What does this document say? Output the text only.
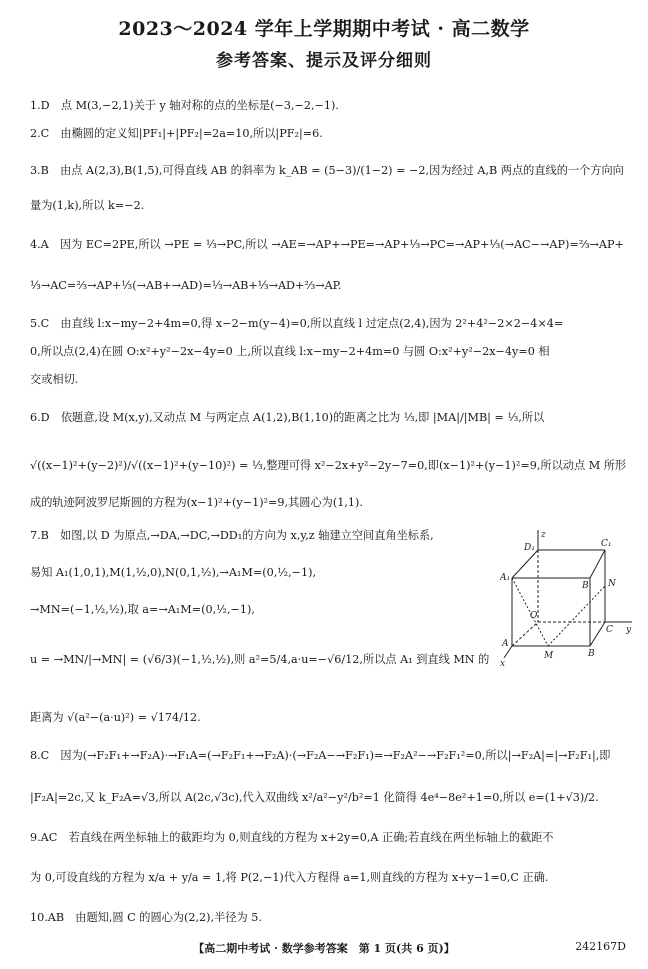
2023～2024 学年上学期期中考试 · 高二数学
参考答案、提示及评分细则
1.D　点 M(3,−2,1)关于 y 轴对称的点的坐标是(−3,−2,−1).
2.C　由椭圆的定义知|PF₁|+|PF₂|=2a=10,所以|PF₂|=6.
3.B　由点 A(2,3),B(1,5),可得直线 AB 的斜率为 k_AB = (5−3)/(1−2) = −2,因为经过 A,B 两点的直线的一个方向向
量为(1,k),所以 k=−2.
4.A　因为 EC=2PE,所以 →PE = ⅓→PC,所以 →AE=→AP+→PE=→AP+⅓→PC=→AP+⅓(→AC−→AP)=⅔→AP+
⅓→AC=⅔→AP+⅓(→AB+→AD)=⅓→AB+⅓→AD+⅔→AP.
5.C　由直线 l:x−my−2+4m=0,得 x−2−m(y−4)=0,所以直线 l 过定点(2,4),因为 2²+4²−2×2−4×4=
0,所以点(2,4)在圆 O:x²+y²−2x−4y=0 上,所以直线 l:x−my−2+4m=0 与圆 O:x²+y²−2x−4y=0 相
交或相切.
6.D　依题意,设 M(x,y),又动点 M 与两定点 A(1,2),B(1,10)的距离之比为 ⅓,即 |MA|/|MB| = ⅓,所以
√((x−1)²+(y−2)²)/√((x−1)²+(y−10)²) = ⅓,整理可得 x²−2x+y²−2y−7=0,即(x−1)²+(y−1)²=9,所以动点 M 所形
成的轨迹阿波罗尼斯圆的方程为(x−1)²+(y−1)²=9,其圆心为(1,1).
7.B　如图,以 D 为原点,→DA,→DC,→DD₁的方向为 x,y,z 轴建立空间直角坐标系,
易知 A₁(1,0,1),M(1,½,0),N(0,1,½),→A₁M=(0,½,−1),
→MN=(−1,½,½),取 a=→A₁M=(0,½,−1),
u = →MN/|→MN| = (√6/3)(−1,½,½),则 a²=5/4,a·u=−√6/12,所以点 A₁ 到直线 MN 的
距离为 √(a²−(a·u)²) = √174/12.
8.C　因为(→F₂F₁+→F₂A)·→F₁A=(→F₂F₁+→F₂A)·(→F₂A−→F₂F₁)=→F₂A²−→F₂F₁²=0,所以|→F₂A|=|→F₂F₁|,即
|F₂A|=2c,又 k_F₂A=√3,所以 A(2c,√3c),代入双曲线 x²/a²−y²/b²=1 化简得 4e⁴−8e²+1=0,所以 e=(1+√3)/2.
9.AC　若直线在两坐标轴上的截距均为 0,则直线的方程为 x+2y=0,A 正确;若直线在两坐标轴上的截距不
为 0,可设直线的方程为 x/a + y/a = 1,将 P(2,−1)代入方程得 a=1,则直线的方程为 x+y−1=0,C 正确.
10.AB　由题知,圆 C 的圆心为(2,2),半径为 5.
z
D₁	C₁
A₁
B N
O
C y
A
M	B
x
【高二期中考试 · 数学参考答案　第 1 页(共 6 页)】	242167D
